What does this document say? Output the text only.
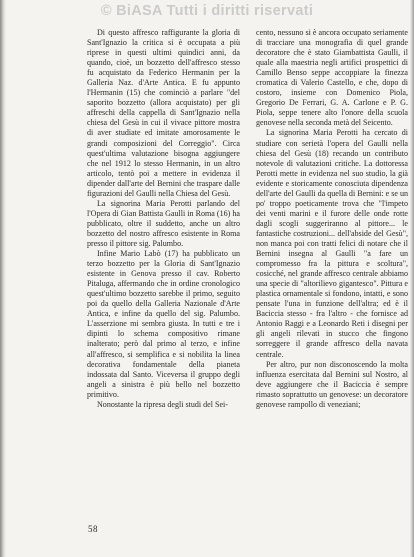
© BiASA Tutti i diritti riservati

Di questo affresco raffigurante la gloria di Sant'Ignazio la critica si è occupata a più riprese in questi ultimi quindici anni, da quando, cioè, un bozzetto dell'affresco stesso fu acquistato da Federico Hermanin per la Galleria Naz. d'Arte Antica. E fu appunto l'Hermanin (15) che cominciò a parlare "del saporito bozzetto (allora acquistato) per gli affreschi della cappella di Sant'Ignazio nella chiesa del Gesù in cui il vivace pittore mostra di aver studiate ed imitate amorosamente le grandi composizioni del Correggio". Circa quest'ultima valutazione bisogna aggiungere che nel 1912 lo stesso Hermanin, in un altro articolo, tentò poi a mettere in evidenza il dipender dall'arte del Bernini che traspare dalle figurazioni del Gaulli nella Chiesa del Gesù.

La signorina Maria Perotti parlando del l'Opera di Gian Battista Gaulli in Roma (16) ha pubblicato, oltre il suddetto, anche un altro bozzetto del nostro affresco esistente in Roma presso il pittore sig. Palumbo.

Infine Mario Labò (17) ha pubblicato un terzo bozzetto per la Gloria di Sant'Ignazio esistente in Genova presso il cav. Roberto Pitaluga, affermando che in ordine cronologico quest'ultimo bozzetto sarebbe il primo, seguito poi da quello della Galleria Nazionale d'Arte Antica, e infine da quello del sig. Palumbo. L'asserzione mi sembra giusta. In tutti e tre i dipinti lo schema compositivo rimane inalterato; però dal primo al terzo, e infine all'affresco, si semplifica e si nobilita la linea decorativa fondamentale della pianeta indossata dal Santo. Viceversa il gruppo degli angeli a sinistra è più bello nel bozzetto primitivo.

Nonostante la ripresa degli studi del Sei-

cento, nessuno si è ancora occupato seriamente di tracciare una monografia di quel grande decoratore che è stato Giambattista Gaulli, il quale alla maestria negli artifici prospettici di Camillo Benso seppe accoppiare la finezza cromatica di Valerio Castello, e che, dopo di costoro, insieme con Domenico Piola, Gregorio De Ferrari, G. A. Carlone e P. G. Piola, seppe tenere alto l'onore della scuola genovese nella seconda metà del Seicento.

La signorina Maria Perotti ha cercato di studiare con serietà l'opera del Gaulli nella chiesa del Gesù (18) recando un contributo notevole di valutazioni critiche. La dottoressa Perotti mette in evidenza nel suo studio, la già evidente e storicamente conosciuta dipendenza dell'arte del Gaulli da quella di Bernini: e se un po' troppo poeticamente trova che "l'impeto dei venti marini e il furore delle onde rotte dagli scogli suggeriranno al pittore... le fantastiche costruzioni... dell'abside del Gesù", non manca poi con tratti felici di notare che il Bernini insegna al Gaulli "a fare un compromesso fra la pittura e scoltura", cosicché, nel grande affresco centrale abbiamo una specie di "altorilievo gigantesco". Pittura e plastica ornamentale si fondono, intatti, e sono pensate l'una in funzione dell'altra; ed è il Baciccia stesso - fra l'altro - che fornisce ad Antonio Raggi e a Leonardo Reti i disegni per gli angeli rilevati in stucco che fingono sorreggere il grande affresco della navata centrale.

Per altro, pur non disconoscendo la molta influenza esercitata dal Bernini sul Nostro, al deve aggiungere che il Baciccia è sempre rimasto soprattutto un genovese: un decoratore genovese rampollo di veneziani;

58
